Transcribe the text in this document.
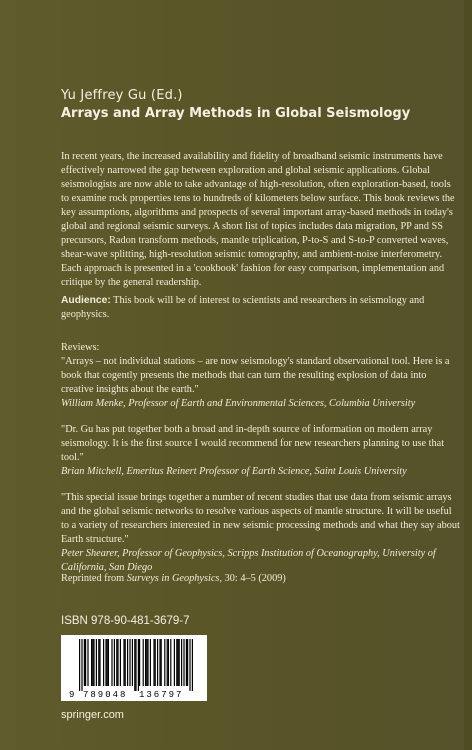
Yu Jeffrey Gu (Ed.)
Arrays and Array Methods in Global Seismology
In recent years, the increased availability and fidelity of broadband seismic instruments have effectively narrowed the gap between exploration and global seismic applications. Global seismologists are now able to take advantage of high-resolution, often exploration-based, tools to examine rock properties tens to hundreds of kilometers below surface. This book reviews the key assumptions, algorithms and prospects of several important array-based methods in today's global and regional seismic surveys. A short list of topics includes data migration, PP and SS precursors, Radon transform methods, mantle triplication, P-to-S and S-to-P converted waves, shear-wave splitting, high-resolution seismic tomography, and ambient-noise interferometry. Each approach is presented in a 'cookbook' fashion for easy comparison, implementation and critique by the general readership.
Audience: This book will be of interest to scientists and researchers in seismology and geophysics.
Reviews:
"Arrays – not individual stations – are now seismology's standard observational tool. Here is a book that cogently presents the methods that can turn the resulting explosion of data into creative insights about the earth."
William Menke, Professor of Earth and Environmental Sciences, Columbia University
"Dr. Gu has put together both a broad and in-depth source of information on modern array seismology. It is the first source I would recommend for new researchers planning to use that tool."
Brian Mitchell, Emeritus Reinert Professor of Earth Science, Saint Louis University
"This special issue brings together a number of recent studies that use data from seismic arrays and the global seismic networks to resolve various aspects of mantle structure. It will be useful to a variety of researchers interested in new seismic processing methods and what they say about Earth structure."
Peter Shearer, Professor of Geophysics, Scripps Institution of Oceanography, University of California, San Diego
Reprinted from Surveys in Geophysics, 30: 4–5 (2009)
ISBN 978-90-481-3679-7
9 789048 136797
springer.com
